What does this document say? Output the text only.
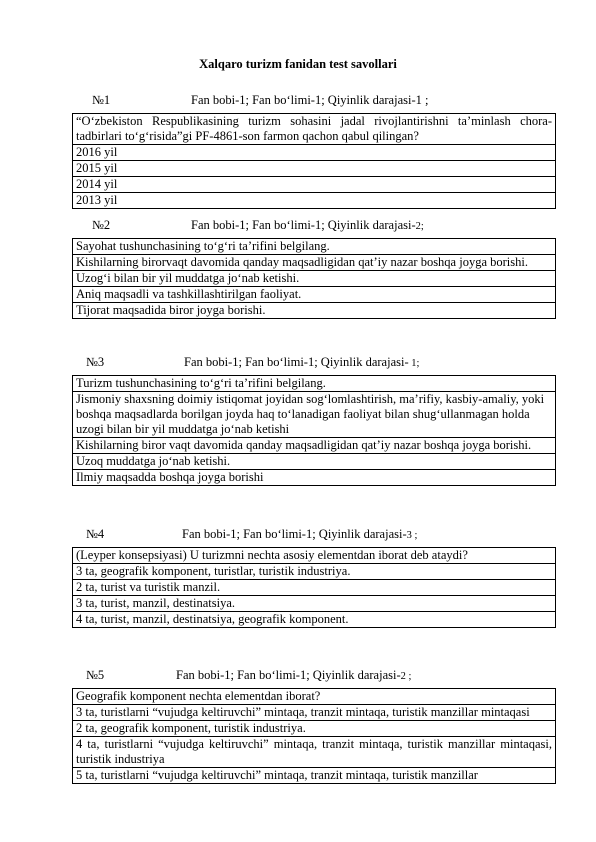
Xalqaro turizm fanidan test savollari
№1	Fan bobi-1; Fan bo‘limi-1; Qiyinlik darajasi-1 ;
“O‘zbekiston Respublikasining turizm sohasini jadal rivojlantirishni ta’minlash chora-tadbirlari to‘g‘risida”gi PF-4861-son farmon qachon qabul qilingan?
2016 yil
2015 yil
2014 yil
2013 yil
№2	Fan bobi-1; Fan bo‘limi-1; Qiyinlik darajasi-2;
Sayohat tushunchasining to‘g‘ri ta’rifini belgilang.
Kishilarning birorvaqt davomida qanday maqsadligidan qat’iy nazar boshqa joyga borishi.
Uzog‘i bilan bir yil muddatga jo‘nab ketishi.
Aniq maqsadli va tashkillashtirilgan faoliyat.
Tijorat maqsadida biror joyga borishi.
№3	Fan bobi-1; Fan bo‘limi-1; Qiyinlik darajasi- 1;
Turizm tushunchasining to‘g‘ri ta’rifini belgilang.
Jismoniy shaxsning doimiy istiqomat joyidan sog‘lomlashtirish, ma’rifiy, kasbiy-amaliy, yoki boshqa maqsadlarda borilgan joyda haq to‘lanadigan faoliyat bilan shug‘ullanmagan holda uzogi bilan bir yil muddatga jo‘nab ketishi
Kishilarning biror vaqt davomida qanday maqsadligidan qat’iy nazar boshqa joyga borishi.
Uzoq muddatga jo‘nab ketishi.
Ilmiy maqsadda boshqa joyga borishi
№4	Fan bobi-1; Fan bo‘limi-1; Qiyinlik darajasi-3 ;
(Leyper konsepsiyasi) U turizmni nechta asosiy elementdan iborat deb ataydi?
3 ta, geografik komponent, turistlar, turistik industriya.
2 ta, turist va turistik manzil.
3 ta, turist, manzil, destinatsiya.
4 ta, turist, manzil, destinatsiya, geografik komponent.
№5	Fan bobi-1; Fan bo‘limi-1; Qiyinlik darajasi-2 ;
Geografik komponent nechta elementdan iborat?
3 ta, turistlarni “vujudga keltiruvchi” mintaqa, tranzit mintaqa, turistik manzillar mintaqasi
2 ta, geografik komponent, turistik industriya.
4 ta, turistlarni “vujudga keltiruvchi” mintaqa, tranzit mintaqa, turistik manzillar mintaqasi, turistik industriya
5 ta, turistlarni “vujudga keltiruvchi” mintaqa, tranzit mintaqa, turistik manzillar
